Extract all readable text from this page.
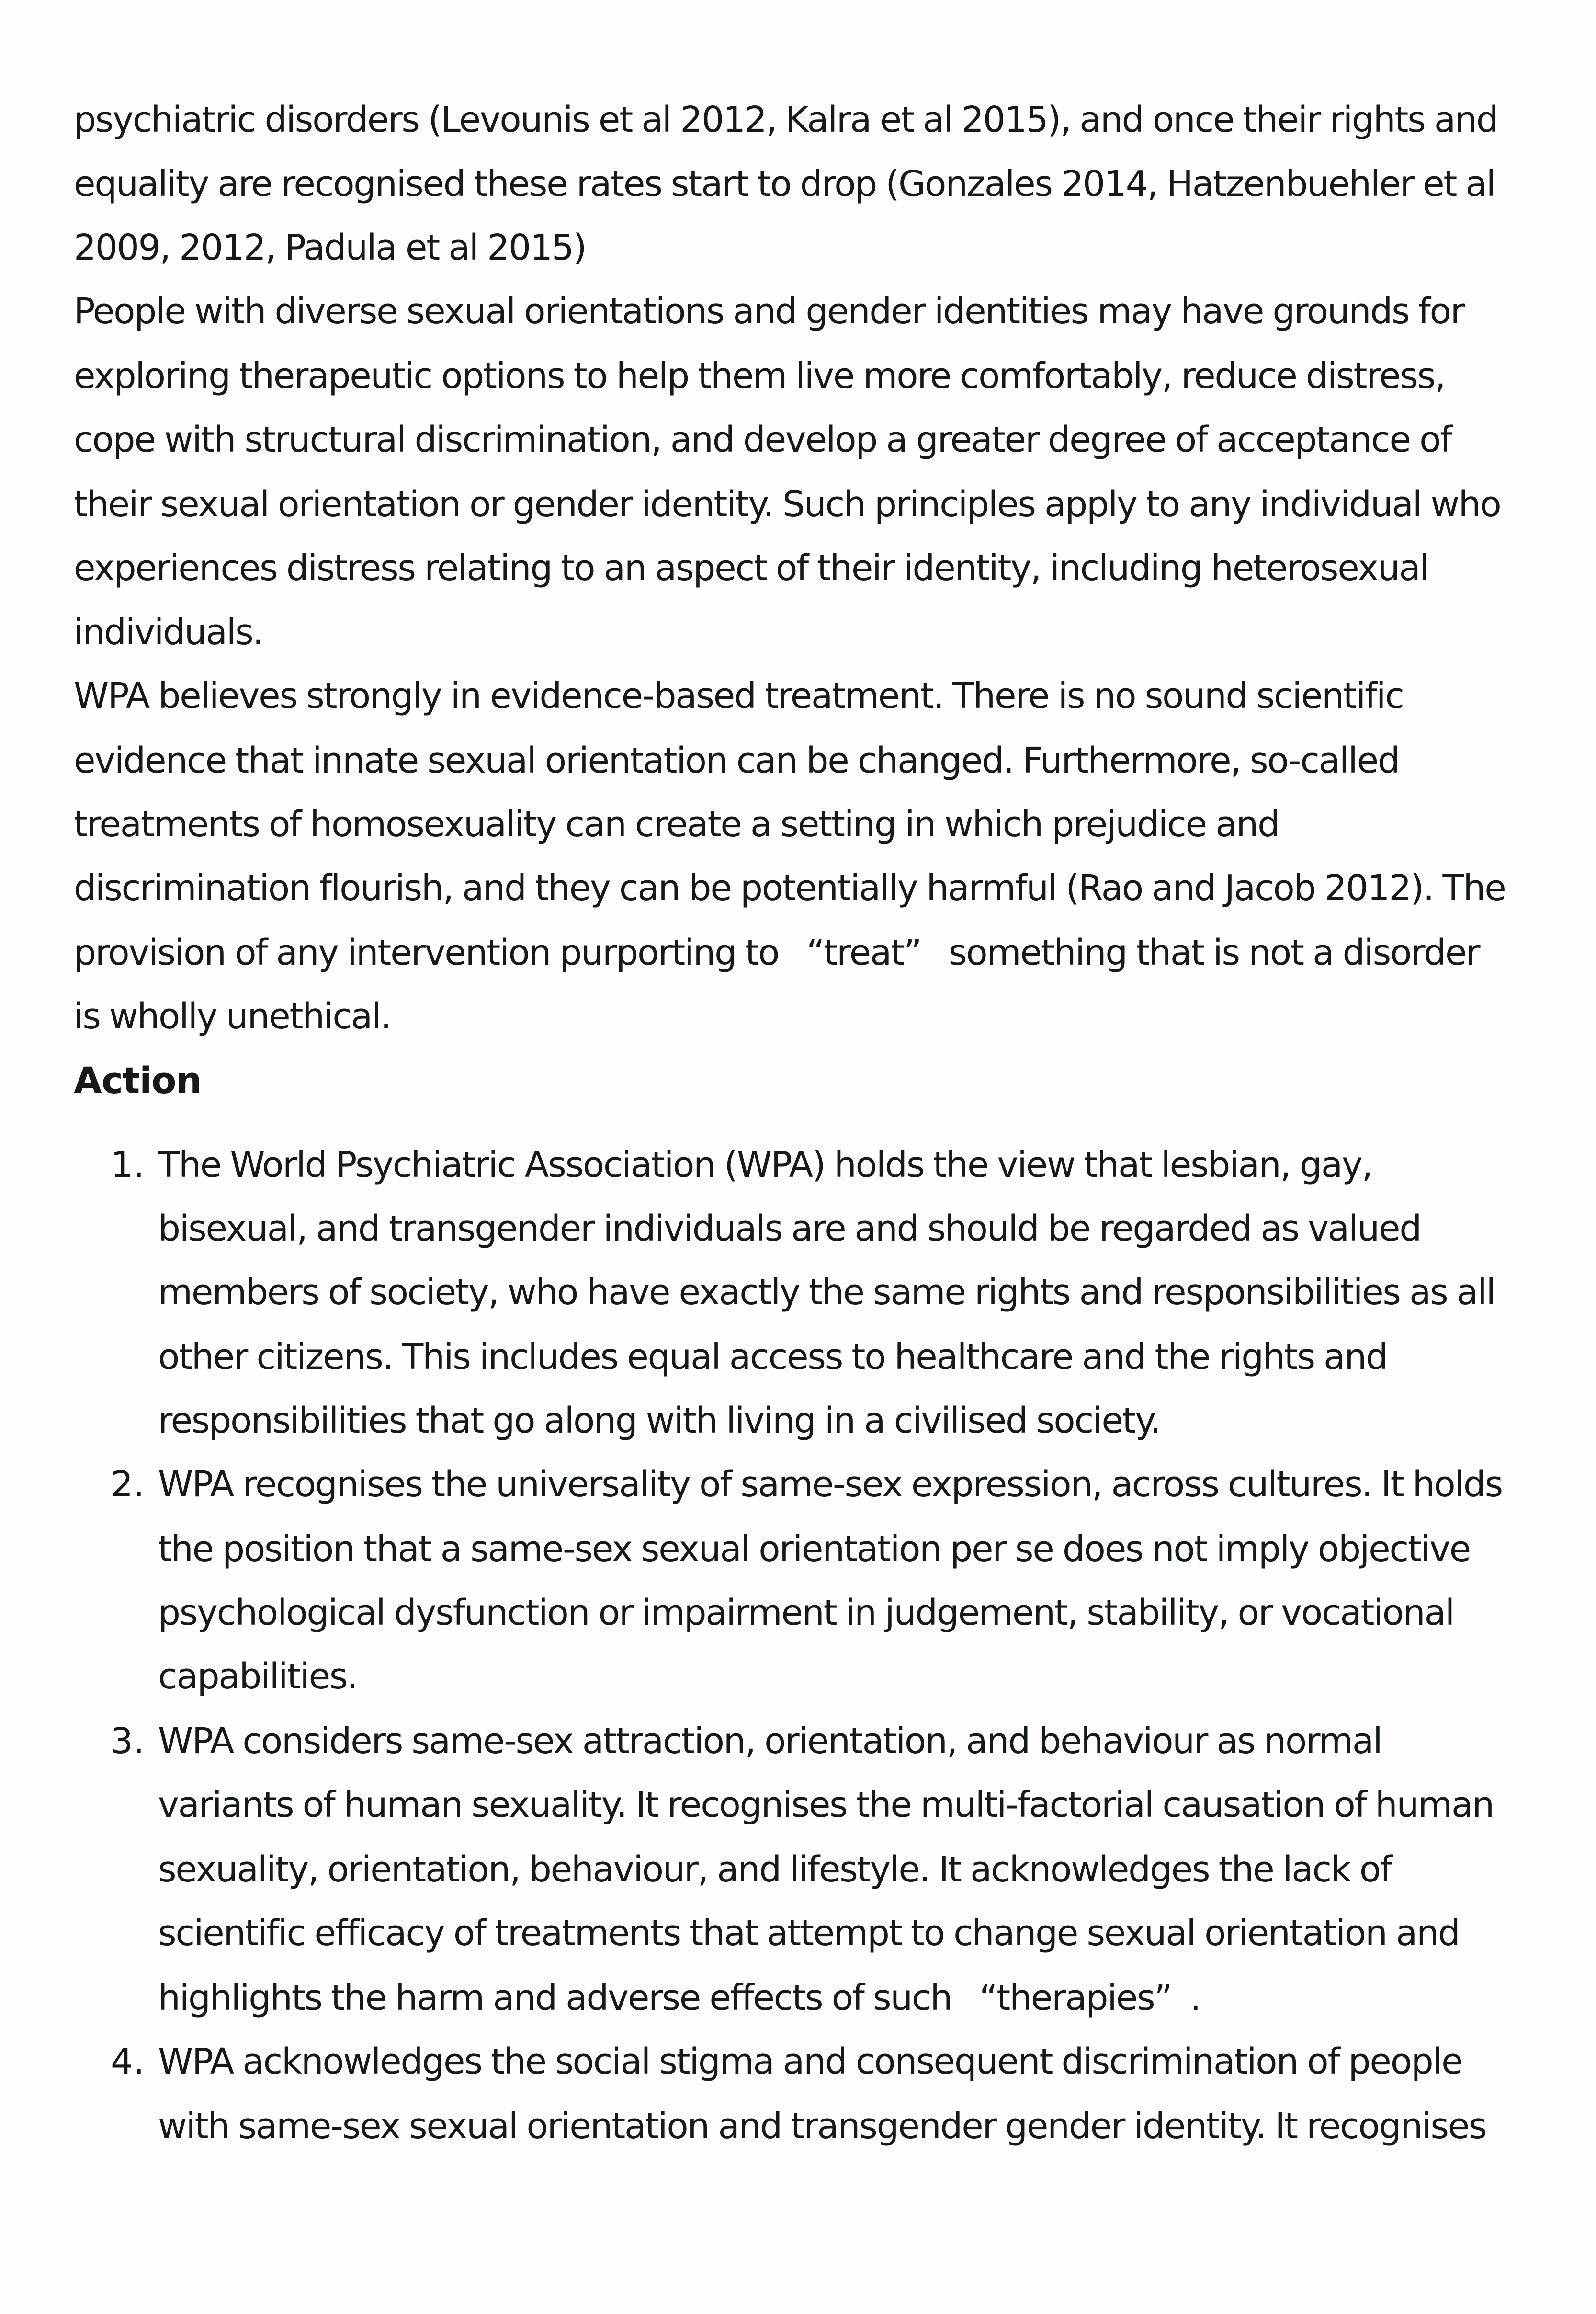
psychiatric disorders (Levounis et al 2012, Kalra et al 2015), and once their rights and
equality are recognised these rates start to drop (Gonzales 2014, Hatzenbuehler et al
2009, 2012, Padula et al 2015)
People with diverse sexual orientations and gender identities may have grounds for
exploring therapeutic options to help them live more comfortably, reduce distress,
cope with structural discrimination, and develop a greater degree of acceptance of
their sexual orientation or gender identity. Such principles apply to any individual who
experiences distress relating to an aspect of their identity, including heterosexual
individuals.
WPA believes strongly in evidence-based treatment. There is no sound scientific
evidence that innate sexual orientation can be changed. Furthermore, so-called
treatments of homosexuality can create a setting in which prejudice and
discrimination flourish, and they can be potentially harmful (Rao and Jacob 2012). The
provision of any intervention purporting to   “treat”   something that is not a disorder
is wholly unethical.
Action
1. The World Psychiatric Association (WPA) holds the view that lesbian, gay,
bisexual, and transgender individuals are and should be regarded as valued
members of society, who have exactly the same rights and responsibilities as all
other citizens. This includes equal access to healthcare and the rights and
responsibilities that go along with living in a civilised society.
2. WPA recognises the universality of same-sex expression, across cultures. It holds
the position that a same-sex sexual orientation per se does not imply objective
psychological dysfunction or impairment in judgement, stability, or vocational
capabilities.
3. WPA considers same-sex attraction, orientation, and behaviour as normal
variants of human sexuality. It recognises the multi-factorial causation of human
sexuality, orientation, behaviour, and lifestyle. It acknowledges the lack of
scientific efficacy of treatments that attempt to change sexual orientation and
highlights the harm and adverse effects of such   “therapies”  .
4. WPA acknowledges the social stigma and consequent discrimination of people
with same-sex sexual orientation and transgender gender identity. It recognises
